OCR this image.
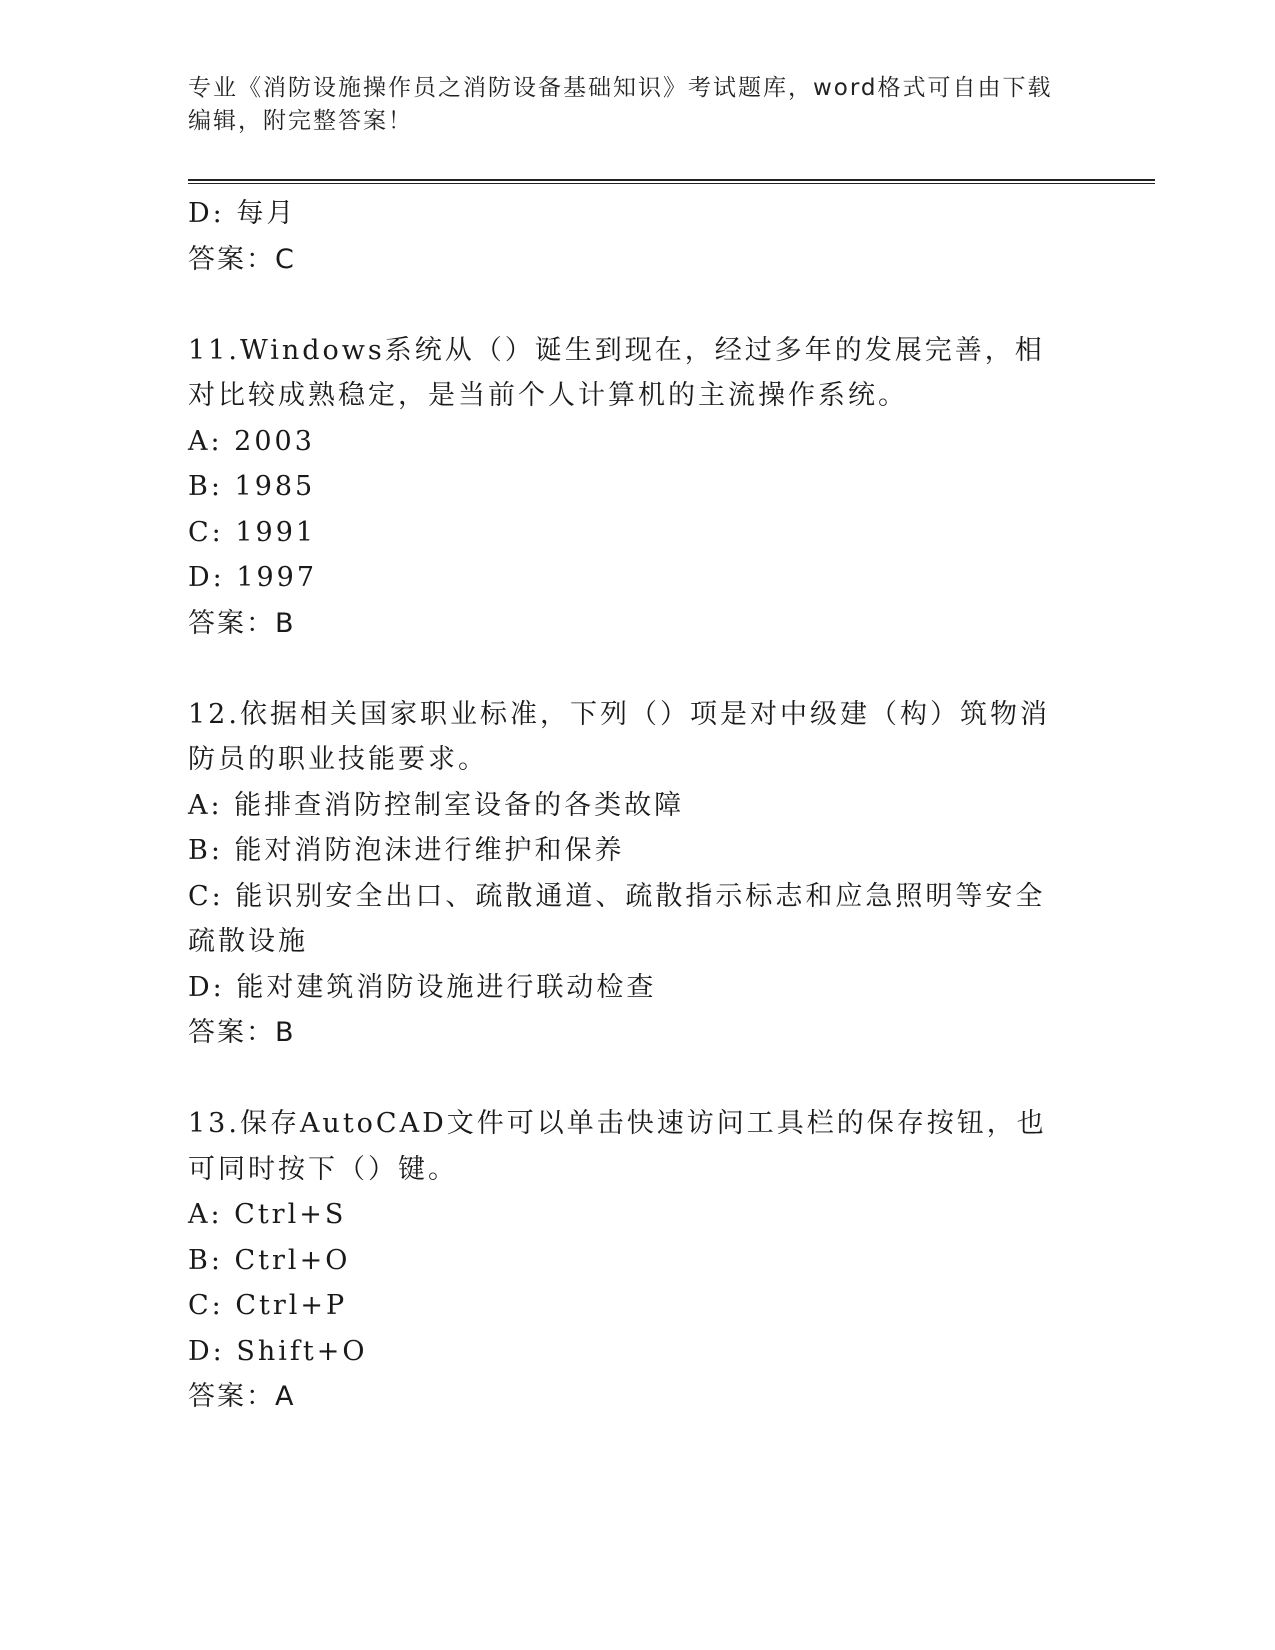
专业《消防设施操作员之消防设备基础知识》考试题库，word格式可自由下载编辑，附完整答案！
D: 每月
答案：C
11.Windows系统从（）诞生到现在，经过多年的发展完善，相对比较成熟稳定，是当前个人计算机的主流操作系统。
A: 2003
B: 1985
C: 1991
D: 1997
答案：B
12.依据相关国家职业标准，下列（）项是对中级建（构）筑物消防员的职业技能要求。
A: 能排查消防控制室设备的各类故障
B: 能对消防泡沫进行维护和保养
C: 能识别安全出口、疏散通道、疏散指示标志和应急照明等安全疏散设施
D: 能对建筑消防设施进行联动检查
答案：B
13.保存AutoCAD文件可以单击快速访问工具栏的保存按钮，也可同时按下（）键。
A: Ctrl+S
B: Ctrl+O
C: Ctrl+P
D: Shift+O
答案：A
